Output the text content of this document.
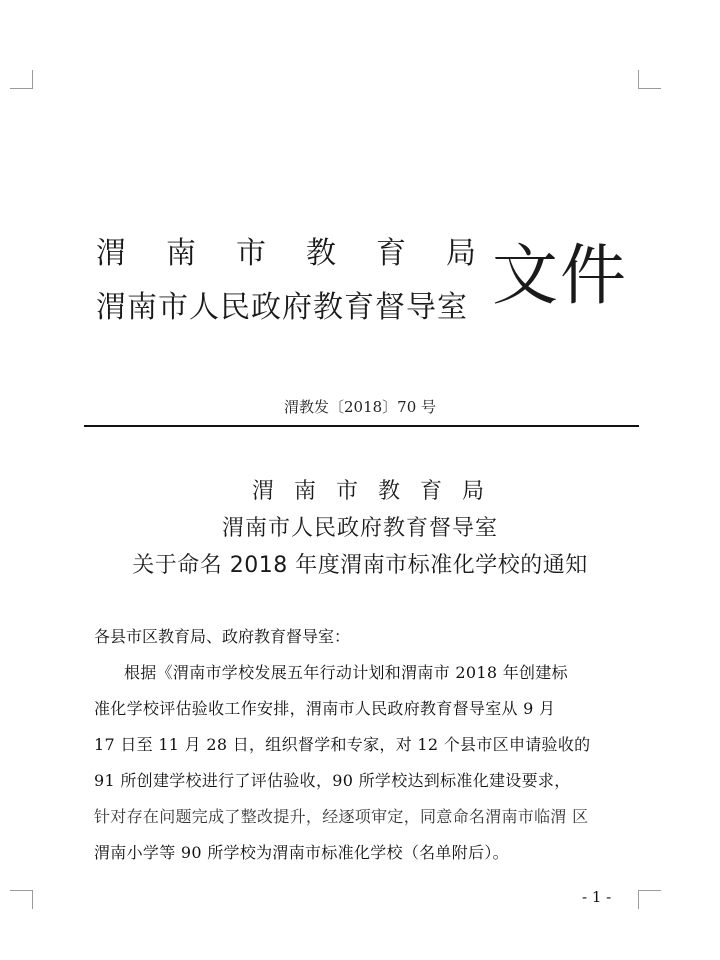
渭南市教育局
渭南市人民政府教育督导室 文件
渭教发〔2018〕70 号
渭南市教育局
渭南市人民政府教育督导室
关于命名 2018 年度渭南市标准化学校的通知
各县市区教育局、政府教育督导室：
根据《渭南市学校发展五年行动计划和渭南市 2018 年创建标
准化学校评估验收工作安排，渭南市人民政府教育督导室从 9 月
17 日至 11 月 28 日，组织督学和专家，对 12 个县市区申请验收的
91 所创建学校进行了评估验收，90 所学校达到标准化建设要求，
针对存在问题完成了整改提升，经逐项审定，同意命名渭南市临渭 区
渭南小学等 90 所学校为渭南市标准化学校（名单附后）。
- 1 -
